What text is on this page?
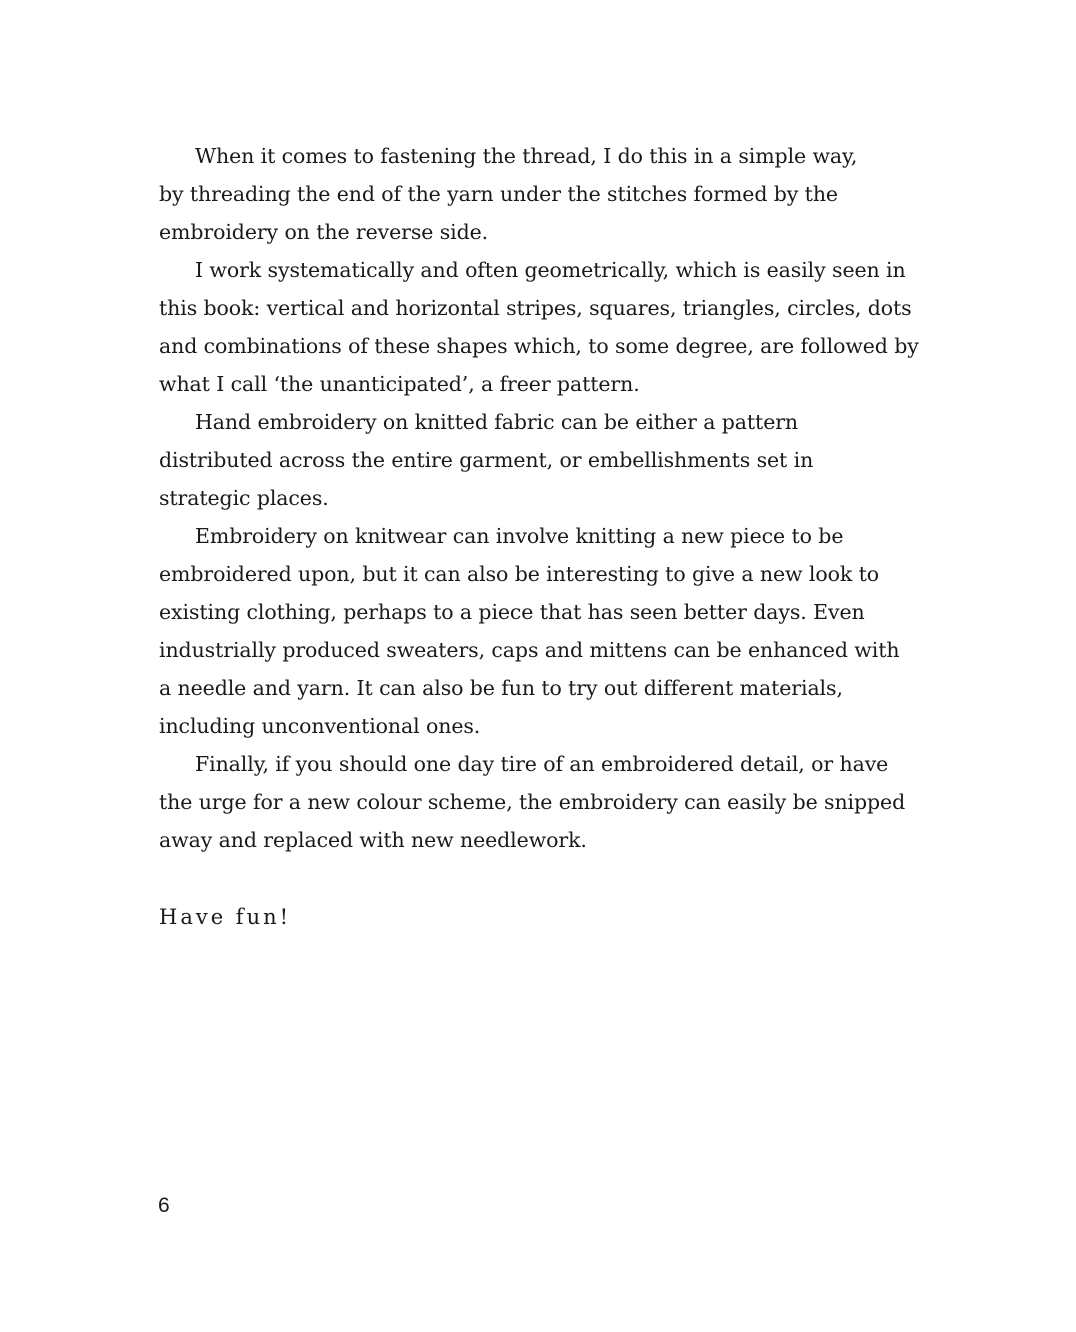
When it comes to fastening the thread, I do this in a simple way,
by threading the end of the yarn under the stitches formed by the
embroidery on the reverse side.
I work systematically and often geometrically, which is easily seen in
this book: vertical and horizontal stripes, squares, triangles, circles, dots
and combinations of these shapes which, to some degree, are followed by
what I call ‘the unanticipated’, a freer pattern.
Hand embroidery on knitted fabric can be either a pattern
distributed across the entire garment, or embellishments set in
strategic places.
Embroidery on knitwear can involve knitting a new piece to be
embroidered upon, but it can also be interesting to give a new look to
existing clothing, perhaps to a piece that has seen better days. Even
industrially produced sweaters, caps and mittens can be enhanced with
a needle and yarn. It can also be fun to try out different materials,
including unconventional ones.
Finally, if you should one day tire of an embroidered detail, or have
the urge for a new colour scheme, the embroidery can easily be snipped
away and replaced with new needlework.
Have fun!
6
